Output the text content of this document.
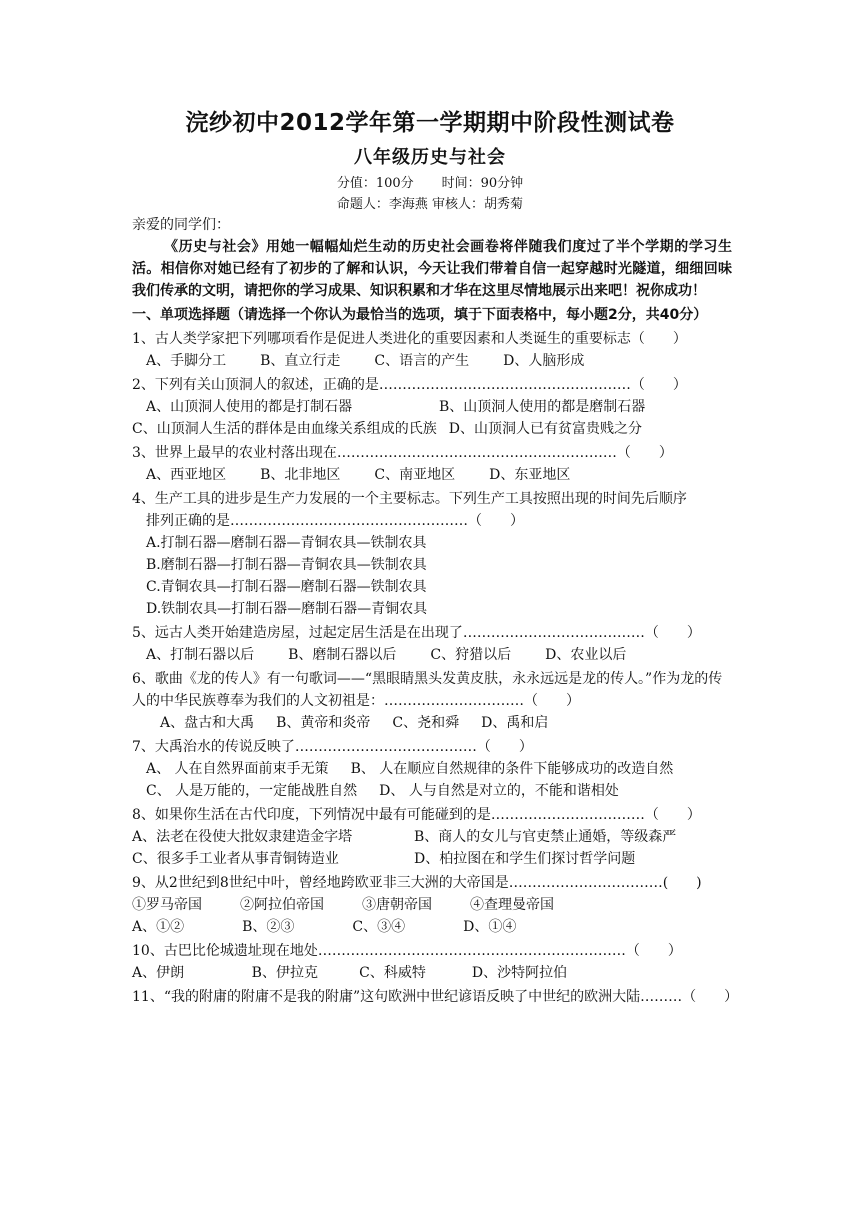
浣纱初中2012学年第一学期期中阶段性测试卷
八年级历史与社会
分值：100分 时间：90分钟
命题人：李海燕 审核人：胡秀菊

亲爱的同学们：

《历史与社会》用她一幅幅灿烂生动的历史社会画卷将伴随我们度过了半个学期的学习生活。相信你对她已经有了初步的了解和认识，今天让我们带着自信一起穿越时光隧道，细细回味我们传承的文明，请把你的学习成果、知识积累和才华在这里尽情地展示出来吧！祝你成功！

一、单项选择题（请选择一个你认为最恰当的选项，填于下面表格中，每小题2分，共40分）

1、古人类学家把下列哪项看作是促进人类进化的重要因素和人类诞生的重要标志（　　）

A、手脚分工 B、直立行走 C、语言的产生 D、人脑形成

2、下列有关山顶洞人的叙述，正确的是………………………………………………（　　）

A、山顶洞人使用的都是打制石器	B、山顶洞人使用的都是磨制石器
C、山顶洞人生活的群体是由血缘关系组成的氏族 D、山顶洞人已有贫富贵贱之分

3、世界上最早的农业村落出现在……………………………………………………（　　）

A、西亚地区 B、北非地区 C、南亚地区 D、东亚地区

4、生产工具的进步是生产力发展的一个主要标志。下列生产工具按照出现的时间先后顺序

排列正确的是……………………………………………（　　）

A.打制石器—磨制石器—青铜农具—铁制农具
B.磨制石器—打制石器—青铜农具—铁制农具
C.青铜农具—打制石器—磨制石器—铁制农具
D.铁制农具—打制石器—磨制石器—青铜农具

5、远古人类开始建造房屋，过起定居生活是在出现了…………………………………（　　）

A、打制石器以后 B、磨制石器以后 C、狩猎以后 D、农业以后

6、歌曲《龙的传人》有一句歌词——“黑眼睛黑头发黄皮肤，永永远远是龙的传人。”作为龙的传人的中华民族尊奉为我们的人文初祖是：…………………………（　　）

A、盘古和大禹 B、黄帝和炎帝 C、尧和舜 D、禹和启

7、大禹治水的传说反映了…………………………………（　　）

A、 人在自然界面前束手无策 B、 人在顺应自然规律的条件下能够成功的改造自然
C、 人是万能的，一定能战胜自然 D、 人与自然是对立的，不能和谐相处

8、如果你生活在古代印度，下列情况中最有可能碰到的是……………………………（　　）

A、法老在役使大批奴隶建造金字塔	B、商人的女儿与官吏禁止通婚，等级森严
C、很多手工业者从事青铜铸造业	D、柏拉图在和学生们探讨哲学问题

9、从2世纪到8世纪中叶，曾经地跨欧亚非三大洲的大帝国是……………………………(　　)

①罗马帝国	②阿拉伯帝国	③唐朝帝国	④查理曼帝国
A、①②	B、②③	C、③④	D、①④

10、古巴比伦城遗址现在地处…………………………………………………………（　　）

A、伊朗	B、伊拉克	C、科威特	D、沙特阿拉伯

11、“我的附庸的附庸不是我的附庸”这句欧洲中世纪谚语反映了中世纪的欧洲大陆………（　　）
